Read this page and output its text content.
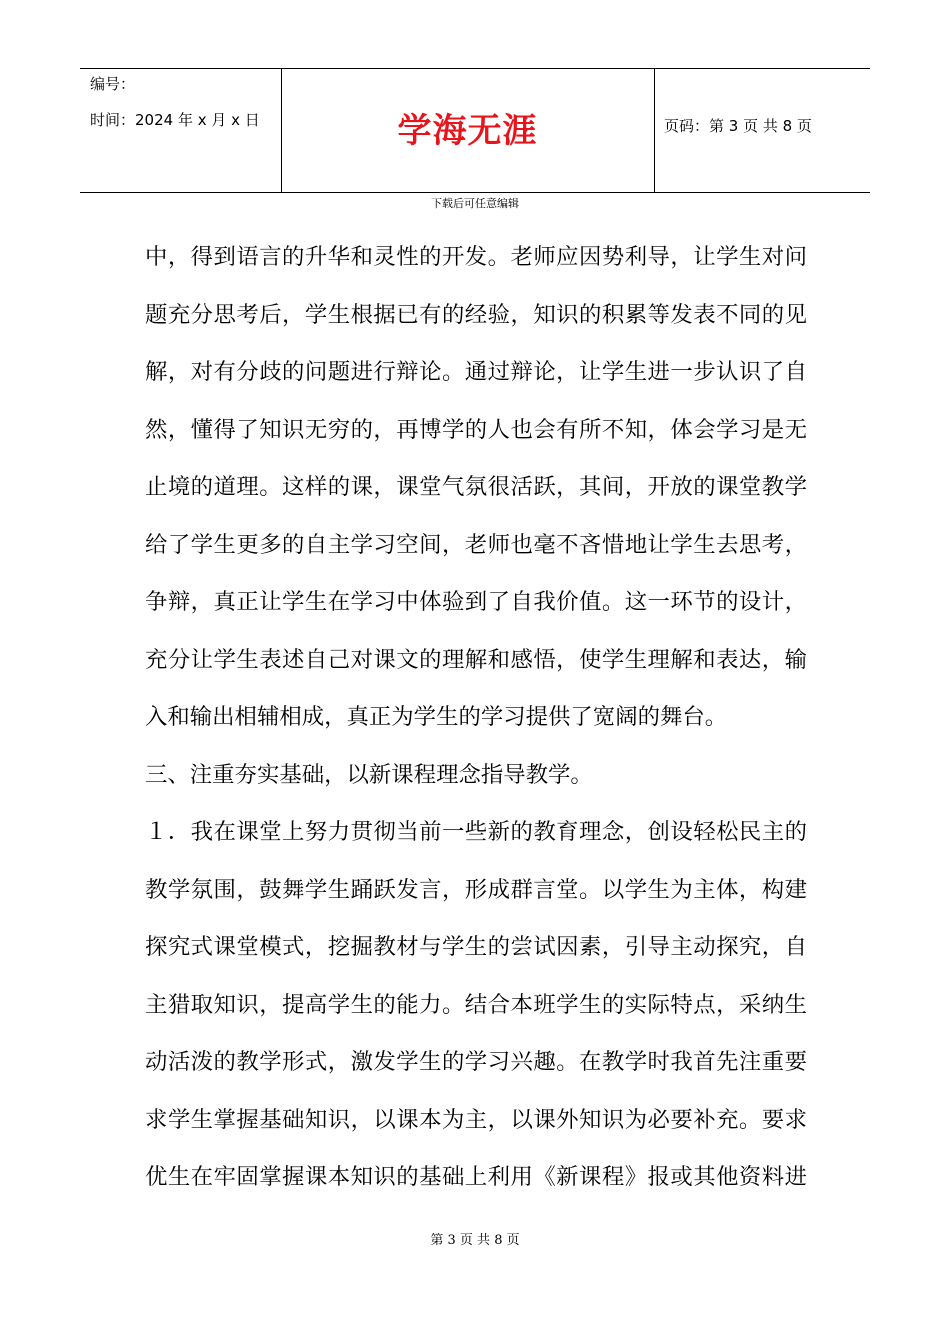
编号：
时间：2024 年 x 月 x 日	学海无涯	页码：第 3 页 共 8 页
下载后可任意编辑
中，得到语言的升华和灵性的开发。老师应因势利导，让学生对问
题充分思考后，学生根据已有的经验，知识的积累等发表不同的见
解，对有分歧的问题进行辩论。通过辩论，让学生进一步认识了自
然，懂得了知识无穷的，再博学的人也会有所不知，体会学习是无
止境的道理。这样的课，课堂气氛很活跃，其间，开放的课堂教学
给了学生更多的自主学习空间，老师也毫不吝惜地让学生去思考，
争辩，真正让学生在学习中体验到了自我价值。这一环节的设计，
充分让学生表述自己对课文的理解和感悟，使学生理解和表达，输
入和输出相辅相成，真正为学生的学习提供了宽阔的舞台。
三、注重夯实基础，以新课程理念指导教学。
１．我在课堂上努力贯彻当前一些新的教育理念，创设轻松民主的
教学氛围，鼓舞学生踊跃发言，形成群言堂。以学生为主体，构建
探究式课堂模式，挖掘教材与学生的尝试因素，引导主动探究，自
主猎取知识，提高学生的能力。结合本班学生的实际特点，采纳生
动活泼的教学形式，激发学生的学习兴趣。在教学时我首先注重要
求学生掌握基础知识，以课本为主，以课外知识为必要补充。要求
优生在牢固掌握课本知识的基础上利用《新课程》报或其他资料进
第 3 页 共 8 页
